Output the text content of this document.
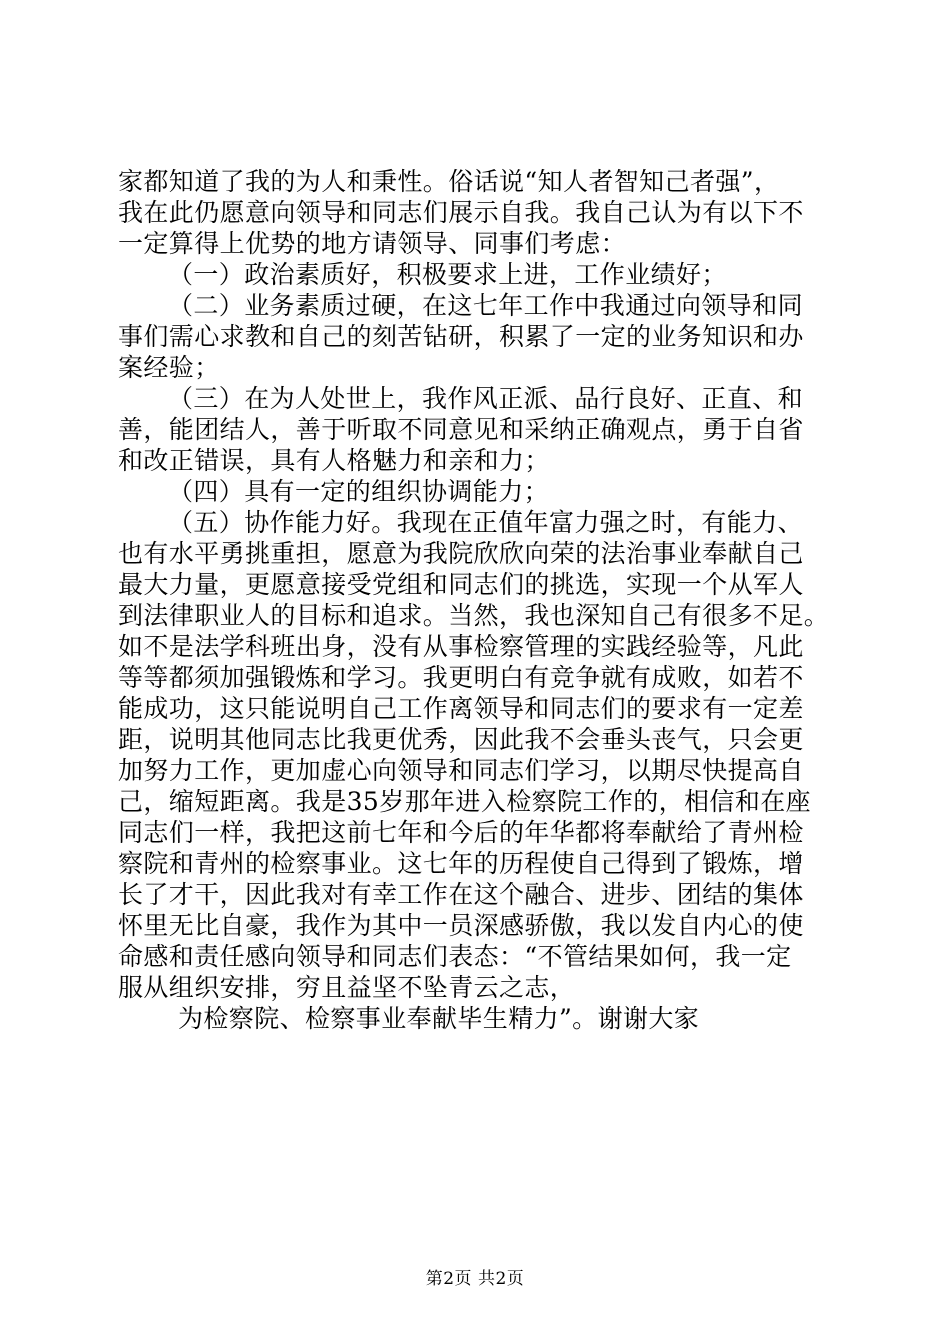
家都知道了我的为人和秉性。俗话说“知人者智知己者强”，
我在此仍愿意向领导和同志们展示自我。我自己认为有以下不
一定算得上优势的地方请领导、同事们考虑：
（一）政治素质好，积极要求上进，工作业绩好；
（二）业务素质过硬，在这七年工作中我通过向领导和同
事们需心求教和自己的刻苦钻研，积累了一定的业务知识和办
案经验；
（三）在为人处世上，我作风正派、品行良好、正直、和
善，能团结人，善于听取不同意见和采纳正确观点，勇于自省
和改正错误，具有人格魅力和亲和力；
（四）具有一定的组织协调能力；
（五）协作能力好。我现在正值年富力强之时，有能力、
也有水平勇挑重担，愿意为我院欣欣向荣的法治事业奉献自己
最大力量，更愿意接受党组和同志们的挑选，实现一个从军人
到法律职业人的目标和追求。当然，我也深知自己有很多不足。
如不是法学科班出身，没有从事检察管理的实践经验等，凡此
等等都须加强锻炼和学习。我更明白有竞争就有成败，如若不
能成功，这只能说明自己工作离领导和同志们的要求有一定差
距，说明其他同志比我更优秀，因此我不会垂头丧气，只会更
加努力工作，更加虚心向领导和同志们学习，以期尽快提高自
己，缩短距离。我是35岁那年进入检察院工作的，相信和在座
同志们一样，我把这前七年和今后的年华都将奉献给了青州检
察院和青州的检察事业。这七年的历程使自己得到了锻炼，增
长了才干，因此我对有幸工作在这个融合、进步、团结的集体
怀里无比自豪，我作为其中一员深感骄傲，我以发自内心的使
命感和责任感向领导和同志们表态：“不管结果如何，我一定
服从组织安排，穷且益坚不坠青云之志，
为检察院、检察事业奉献毕生精力”。谢谢大家
第2页 共2页
